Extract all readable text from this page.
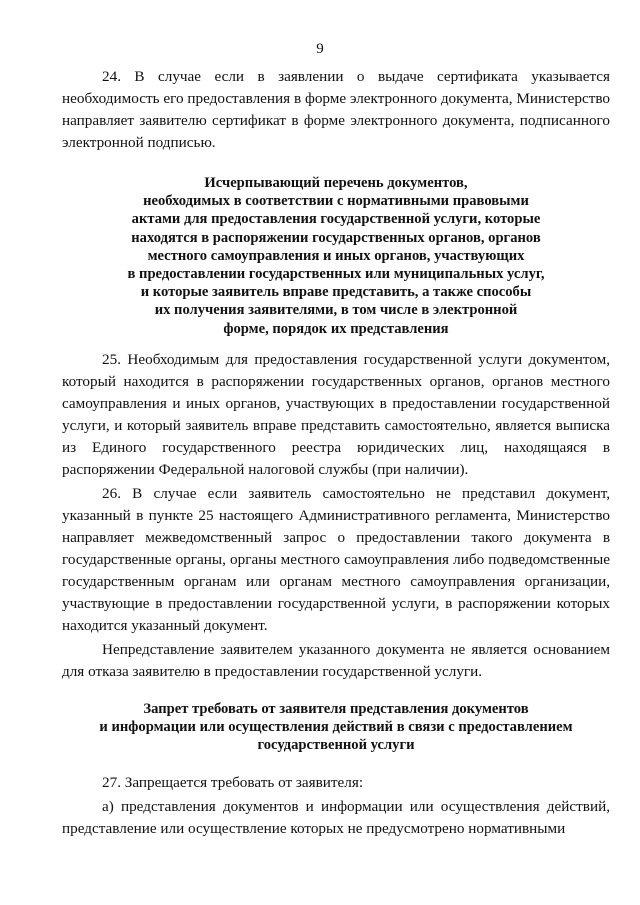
9

24. В случае если в заявлении о выдаче сертификата указывается необходимость его предоставления в форме электронного документа, Министерство направляет заявителю сертификат в форме электронного документа, подписанного электронной подписью.

Исчерпывающий перечень документов,
необходимых в соответствии с нормативными правовыми
актами для предоставления государственной услуги, которые
находятся в распоряжении государственных органов, органов
местного самоуправления и иных органов, участвующих
в предоставлении государственных или муниципальных услуг,
и которые заявитель вправе представить, а также способы
их получения заявителями, в том числе в электронной
форме, порядок их представления

25. Необходимым для предоставления государственной услуги документом, который находится в распоряжении государственных органов, органов местного самоуправления и иных органов, участвующих в предоставлении государственной услуги, и который заявитель вправе представить самостоятельно, является выписка из Единого государственного реестра юридических лиц, находящаяся в распоряжении Федеральной налоговой службы (при наличии).

26. В случае если заявитель самостоятельно не представил документ, указанный в пункте 25 настоящего Административного регламента, Министерство направляет межведомственный запрос о предоставлении такого документа в государственные органы, органы местного самоуправления либо подведомственные государственным органам или органам местного самоуправления организации, участвующие в предоставлении государственной услуги, в распоряжении которых находится указанный документ.

Непредставление заявителем указанного документа не является основанием для отказа заявителю в предоставлении государственной услуги.

Запрет требовать от заявителя представления документов
и информации или осуществления действий в связи с предоставлением
государственной услуги

27. Запрещается требовать от заявителя:

а) представления документов и информации или осуществления действий, представление или осуществление которых не предусмотрено нормативными
